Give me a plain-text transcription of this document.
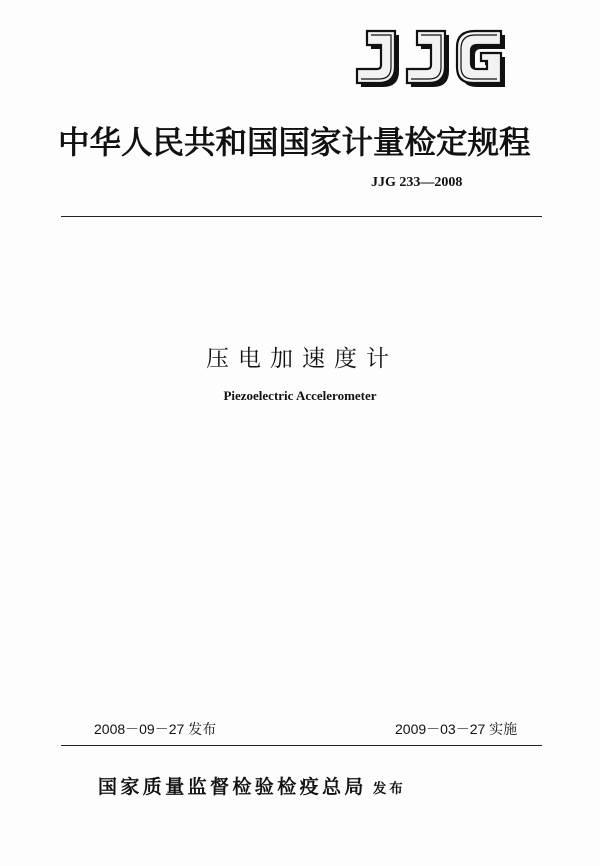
中华人民共和国国家计量检定规程
JJG 233—2008
压电加速度计
Piezoelectric Accelerometer
2008－09－27 发布	2009－03－27 实施
国家质量监督检验检疫总局 发布
